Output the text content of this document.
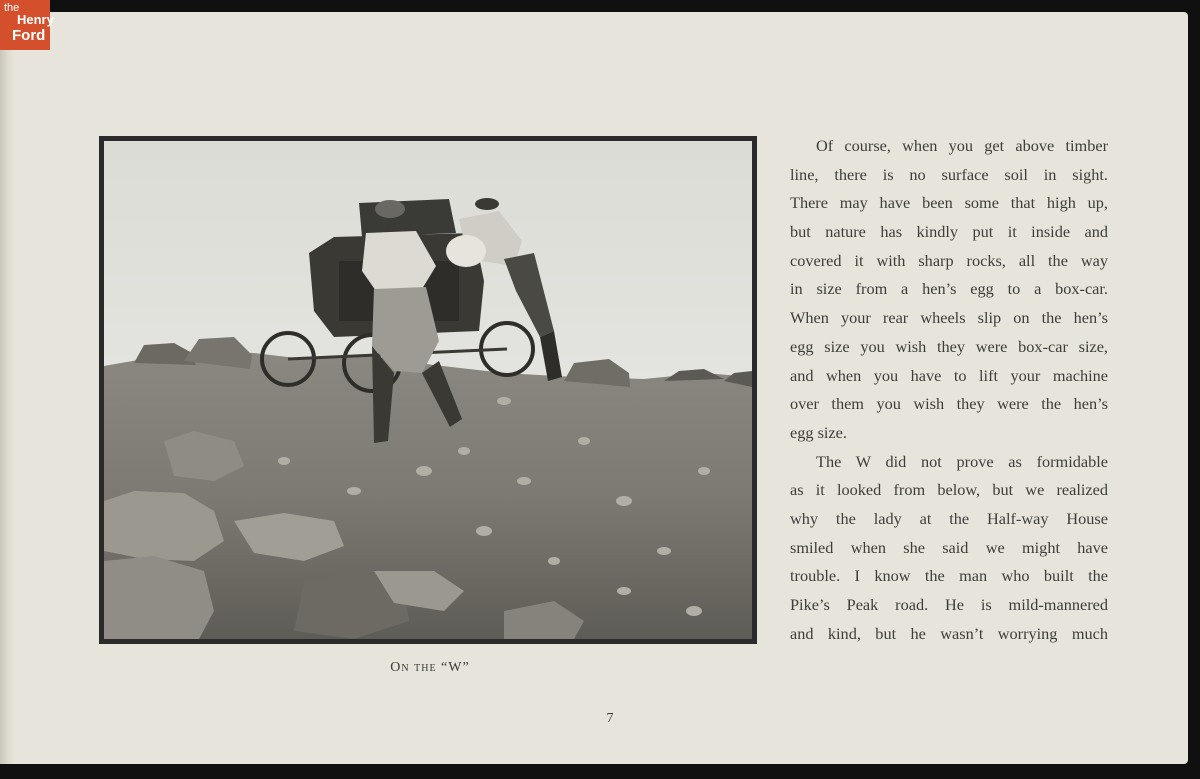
the
Henry
Ford
On the “W”
Of course, when you get above timber
line, there is no surface soil in sight.
There may have been some that high up,
but nature has kindly put it inside and
covered it with sharp rocks, all the way
in size from a hen’s egg to a box-car.
When your rear wheels slip on the hen’s
egg size you wish they were box-car size,
and when you have to lift your machine
over them you wish they were the hen’s
egg size.
The W did not prove as formidable
as it looked from below, but we realized
why the lady at the Half-way House
smiled when she said we might have
trouble. I know the man who built the
Pike’s Peak road. He is mild-mannered
and kind, but he wasn’t worrying much
7
